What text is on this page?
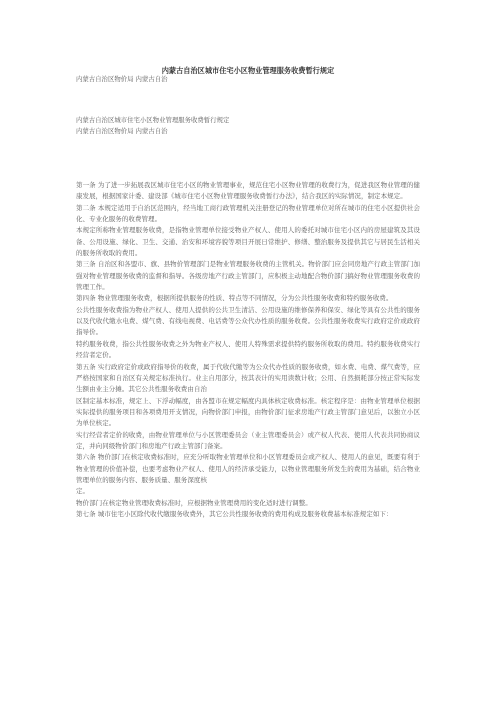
内蒙古自治区城市住宅小区物业管理服务收费暂行规定
内蒙古自治区物价局 内蒙古自治
内蒙古自治区城市住宅小区物业管理服务收费暂行规定
内蒙古自治区物价局 内蒙古自治

第一条 为了进一步拓展我区城市住宅小区的物业管理事业，规范住宅小区物业管理的收费行为，促进我区物业管理的健康发展，根据国家计委、建设部《城市住宅小区物业管理服务收费暂行办法》，结合我区的实际情况，制定本规定。

第二条 本规定适用于自治区范围内，经当地工商行政管理机关注册登记的物业管理单位对所在城市的住宅小区提供社会化、专业化服务的收费管理。

本规定所称物业管理服务收费，是指物业管理单位接受物业产权人、使用人的委托对城市住宅小区内的房屋建筑及其设备、公用设施、绿化、卫生、交通、治安和环境容貌等项目开展日常维护、修缮、整治服务及提供其它与居民生活相关的服务所收取的费用。

第三条 自治区和各盟市、旗、县物价管理部门是物业管理服务收费的主管机关。物价部门应会同房地产行政主管部门加强对物业管理服务收费的监督和指导。各级房地产行政主管部门，应积极主动地配合物价部门搞好物业管理服务收费的管理工作。

第四条 物业管理服务收费，根据所提供服务的性质、特点等不同情况，分为公共性服务收费和特约服务收费。

公共性服务收费指为物业产权人、使用人提供的公共卫生清洁、公用设施的维修保养和保安、绿化等具有公共性的服务以及代收代缴水电费、煤气费、有线电视费、电话费等公众代办性质的服务收费。公共性服务收费实行政府定价或政府指导价。

特约服务收费，指公共性服务收费之外为物业产权人、使用人特殊需求提供特约服务所收取的费用。特约服务收费实行经营者定价。

第五条 实行政府定价或政府指导价的收费，属于代收代缴等为公众代办性质的服务收费，如水费、电费、煤气费等，应严格按国家和自治区有关规定标准执行。业主自用部分，按其表计的实用读数计收；公用、自然损耗部分按正常实际发生额由业主分摊。其它公共性服务收费由自治

区制定基本标准，规定上、下浮动幅度，由各盟市在规定幅度内具体核定收费标准。核定程序是：由物业管理单位根据实际提供的服务项目和各项费用开支情况，向物价部门申报，由物价部门征求房地产行政主管部门意见后，以独立小区为单位核定。

实行经营者定价的收费，由物业管理单位与小区管理委员会（业主管理委员会）或产权人代表、使用人代表共同协商议定，并向同级物价部门和房地产行政主管部门备案。

第六条 物价部门在核定收费标准时，应充分听取物业管理单位和小区管理委员会或产权人、使用人的意见，既要有利于物业管理的价值补偿，也要考虑物业产权人、使用人的经济承受能力，以物业管理服务所发生的费用为基础，结合物业管理单位的服务内容、服务质量、服务深度核

定。

物价部门在核定物业管理收费标准时，应根据物业管理费用的变化适时进行调整。

第七条 城市住宅小区除代收代缴服务收费外，其它公共性服务收费的费用构成及服务收费基本标准规定如下：
